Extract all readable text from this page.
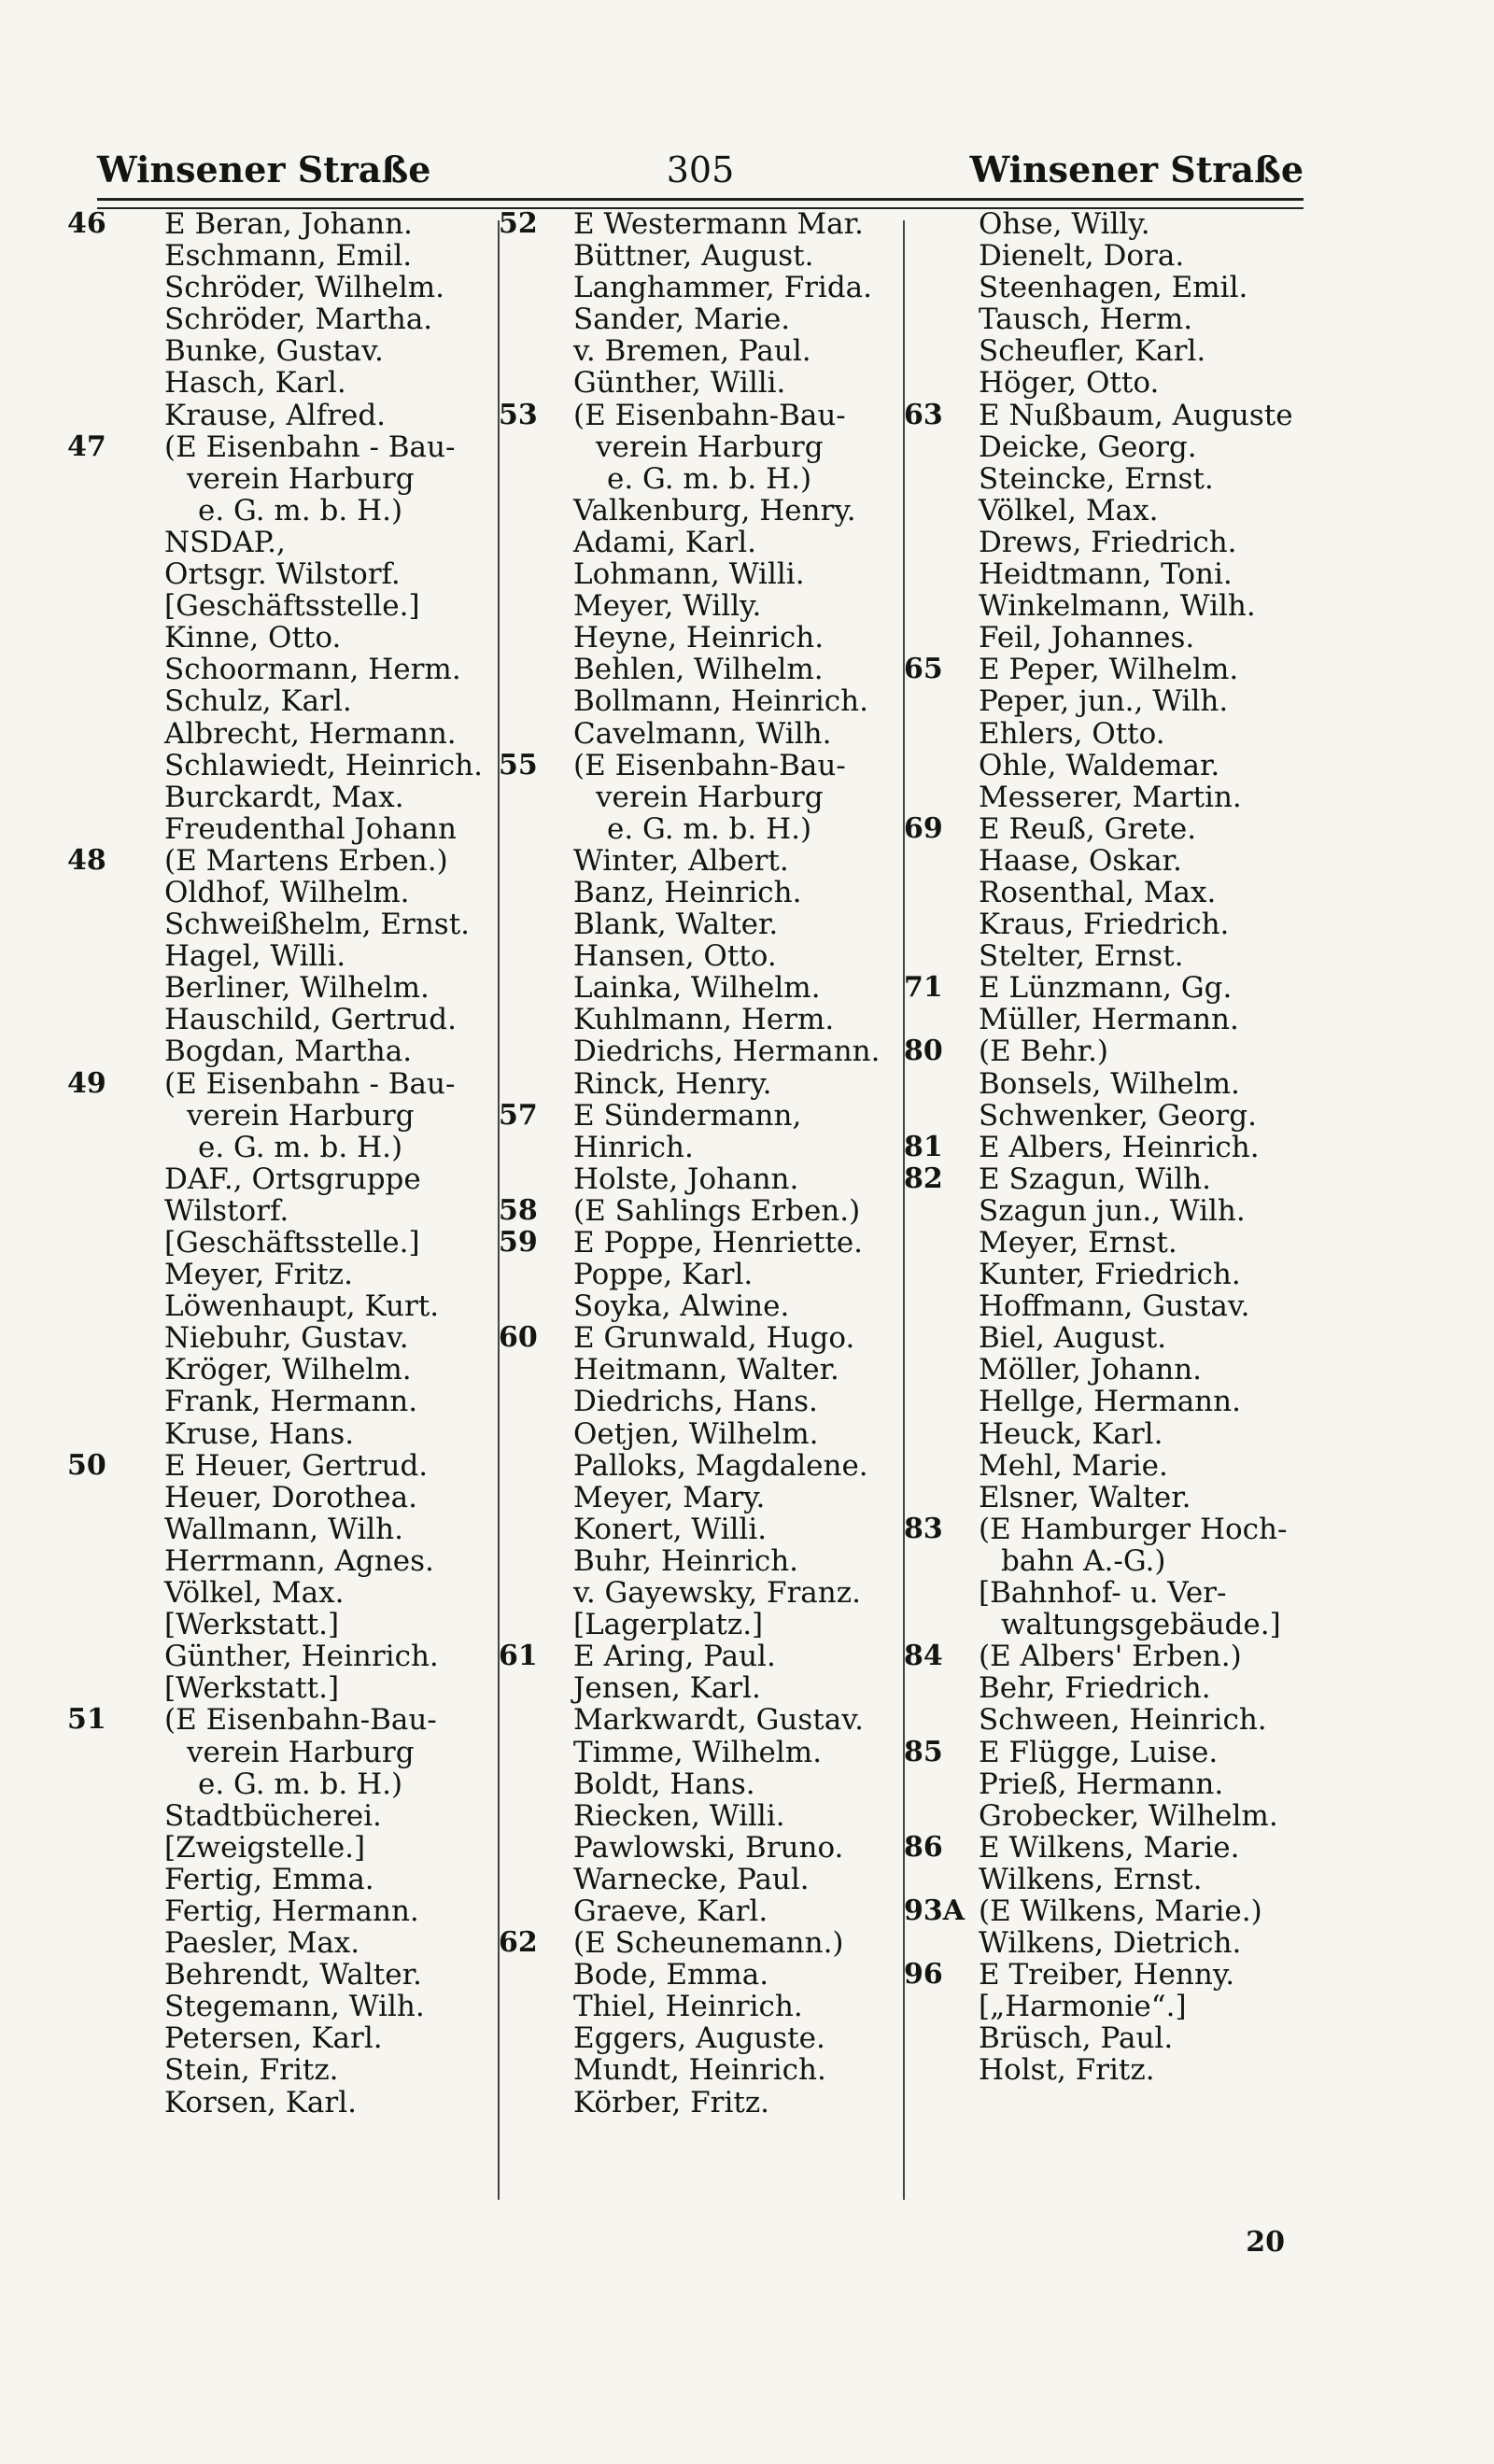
Winsener Straße	305	Winsener Straße
46	E Beran, Johann.
Eschmann, Emil.
Schröder, Wilhelm.
Schröder, Martha.
Bunke, Gustav.
Hasch, Karl.
Krause, Alfred.
47	(E Eisenbahn - Bau-
verein Harburg
e. G. m. b. H.)
NSDAP.,
Ortsgr. Wilstorf.
[Geschäftsstelle.]
Kinne, Otto.
Schoormann, Herm.
Schulz, Karl.
Albrecht, Hermann.
Schlawiedt, Heinrich.
Burckardt, Max.
Freudenthal Johann
48	(E Martens Erben.)
Oldhof, Wilhelm.
Schweißhelm, Ernst.
Hagel, Willi.
Berliner, Wilhelm.
Hauschild, Gertrud.
Bogdan, Martha.
49	(E Eisenbahn - Bau-
verein Harburg
e. G. m. b. H.)
DAF., Ortsgruppe
Wilstorf.
[Geschäftsstelle.]
Meyer, Fritz.
Löwenhaupt, Kurt.
Niebuhr, Gustav.
Kröger, Wilhelm.
Frank, Hermann.
Kruse, Hans.
50	E Heuer, Gertrud.
Heuer, Dorothea.
Wallmann, Wilh.
Herrmann, Agnes.
Völkel, Max.
[Werkstatt.]
Günther, Heinrich.
[Werkstatt.]
51	(E Eisenbahn-Bau-
verein Harburg
e. G. m. b. H.)
Stadtbücherei.
[Zweigstelle.]
Fertig, Emma.
Fertig, Hermann.
Paesler, Max.
Behrendt, Walter.
Stegemann, Wilh.
Petersen, Karl.
Stein, Fritz.
Korsen, Karl.
52	E Westermann Mar.
Büttner, August.
Langhammer, Frida.
Sander, Marie.
v. Bremen, Paul.
Günther, Willi.
53	(E Eisenbahn-Bau-
verein Harburg
e. G. m. b. H.)
Valkenburg, Henry.
Adami, Karl.
Lohmann, Willi.
Meyer, Willy.
Heyne, Heinrich.
Behlen, Wilhelm.
Bollmann, Heinrich.
Cavelmann, Wilh.
55	(E Eisenbahn-Bau-
verein Harburg
e. G. m. b. H.)
Winter, Albert.
Banz, Heinrich.
Blank, Walter.
Hansen, Otto.
Lainka, Wilhelm.
Kuhlmann, Herm.
Diedrichs, Hermann.
Rinck, Henry.
57	E Sündermann,
Hinrich.
Holste, Johann.
58	(E Sahlings Erben.)
59	E Poppe, Henriette.
Poppe, Karl.
Soyka, Alwine.
60	E Grunwald, Hugo.
Heitmann, Walter.
Diedrichs, Hans.
Oetjen, Wilhelm.
Palloks, Magdalene.
Meyer, Mary.
Konert, Willi.
Buhr, Heinrich.
v. Gayewsky, Franz.
[Lagerplatz.]
61	E Aring, Paul.
Jensen, Karl.
Markwardt, Gustav.
Timme, Wilhelm.
Boldt, Hans.
Riecken, Willi.
Pawlowski, Bruno.
Warnecke, Paul.
Graeve, Karl.
62	(E Scheunemann.)
Bode, Emma.
Thiel, Heinrich.
Eggers, Auguste.
Mundt, Heinrich.
Körber, Fritz.
Ohse, Willy.
Dienelt, Dora.
Steenhagen, Emil.
Tausch, Herm.
Scheufler, Karl.
Höger, Otto.
63	E Nußbaum, Auguste
Deicke, Georg.
Steincke, Ernst.
Völkel, Max.
Drews, Friedrich.
Heidtmann, Toni.
Winkelmann, Wilh.
Feil, Johannes.
65	E Peper, Wilhelm.
Peper, jun., Wilh.
Ehlers, Otto.
Ohle, Waldemar.
Messerer, Martin.
69	E Reuß, Grete.
Haase, Oskar.
Rosenthal, Max.
Kraus, Friedrich.
Stelter, Ernst.
71	E Lünzmann, Gg.
Müller, Hermann.
80	(E Behr.)
Bonsels, Wilhelm.
Schwenker, Georg.
81	E Albers, Heinrich.
82	E Szagun, Wilh.
Szagun jun., Wilh.
Meyer, Ernst.
Kunter, Friedrich.
Hoffmann, Gustav.
Biel, August.
Möller, Johann.
Hellge, Hermann.
Heuck, Karl.
Mehl, Marie.
Elsner, Walter.
83	(E Hamburger Hoch-
bahn A.-G.)
[Bahnhof- u. Ver-
waltungsgebäude.]
84	(E Albers' Erben.)
Behr, Friedrich.
Schween, Heinrich.
85	E Flügge, Luise.
Prieß, Hermann.
Grobecker, Wilhelm.
86	E Wilkens, Marie.
Wilkens, Ernst.
93A (E Wilkens, Marie.)
Wilkens, Dietrich.
96	E Treiber, Henny.
[„Harmonie“.]
Brüsch, Paul.
Holst, Fritz.
20
